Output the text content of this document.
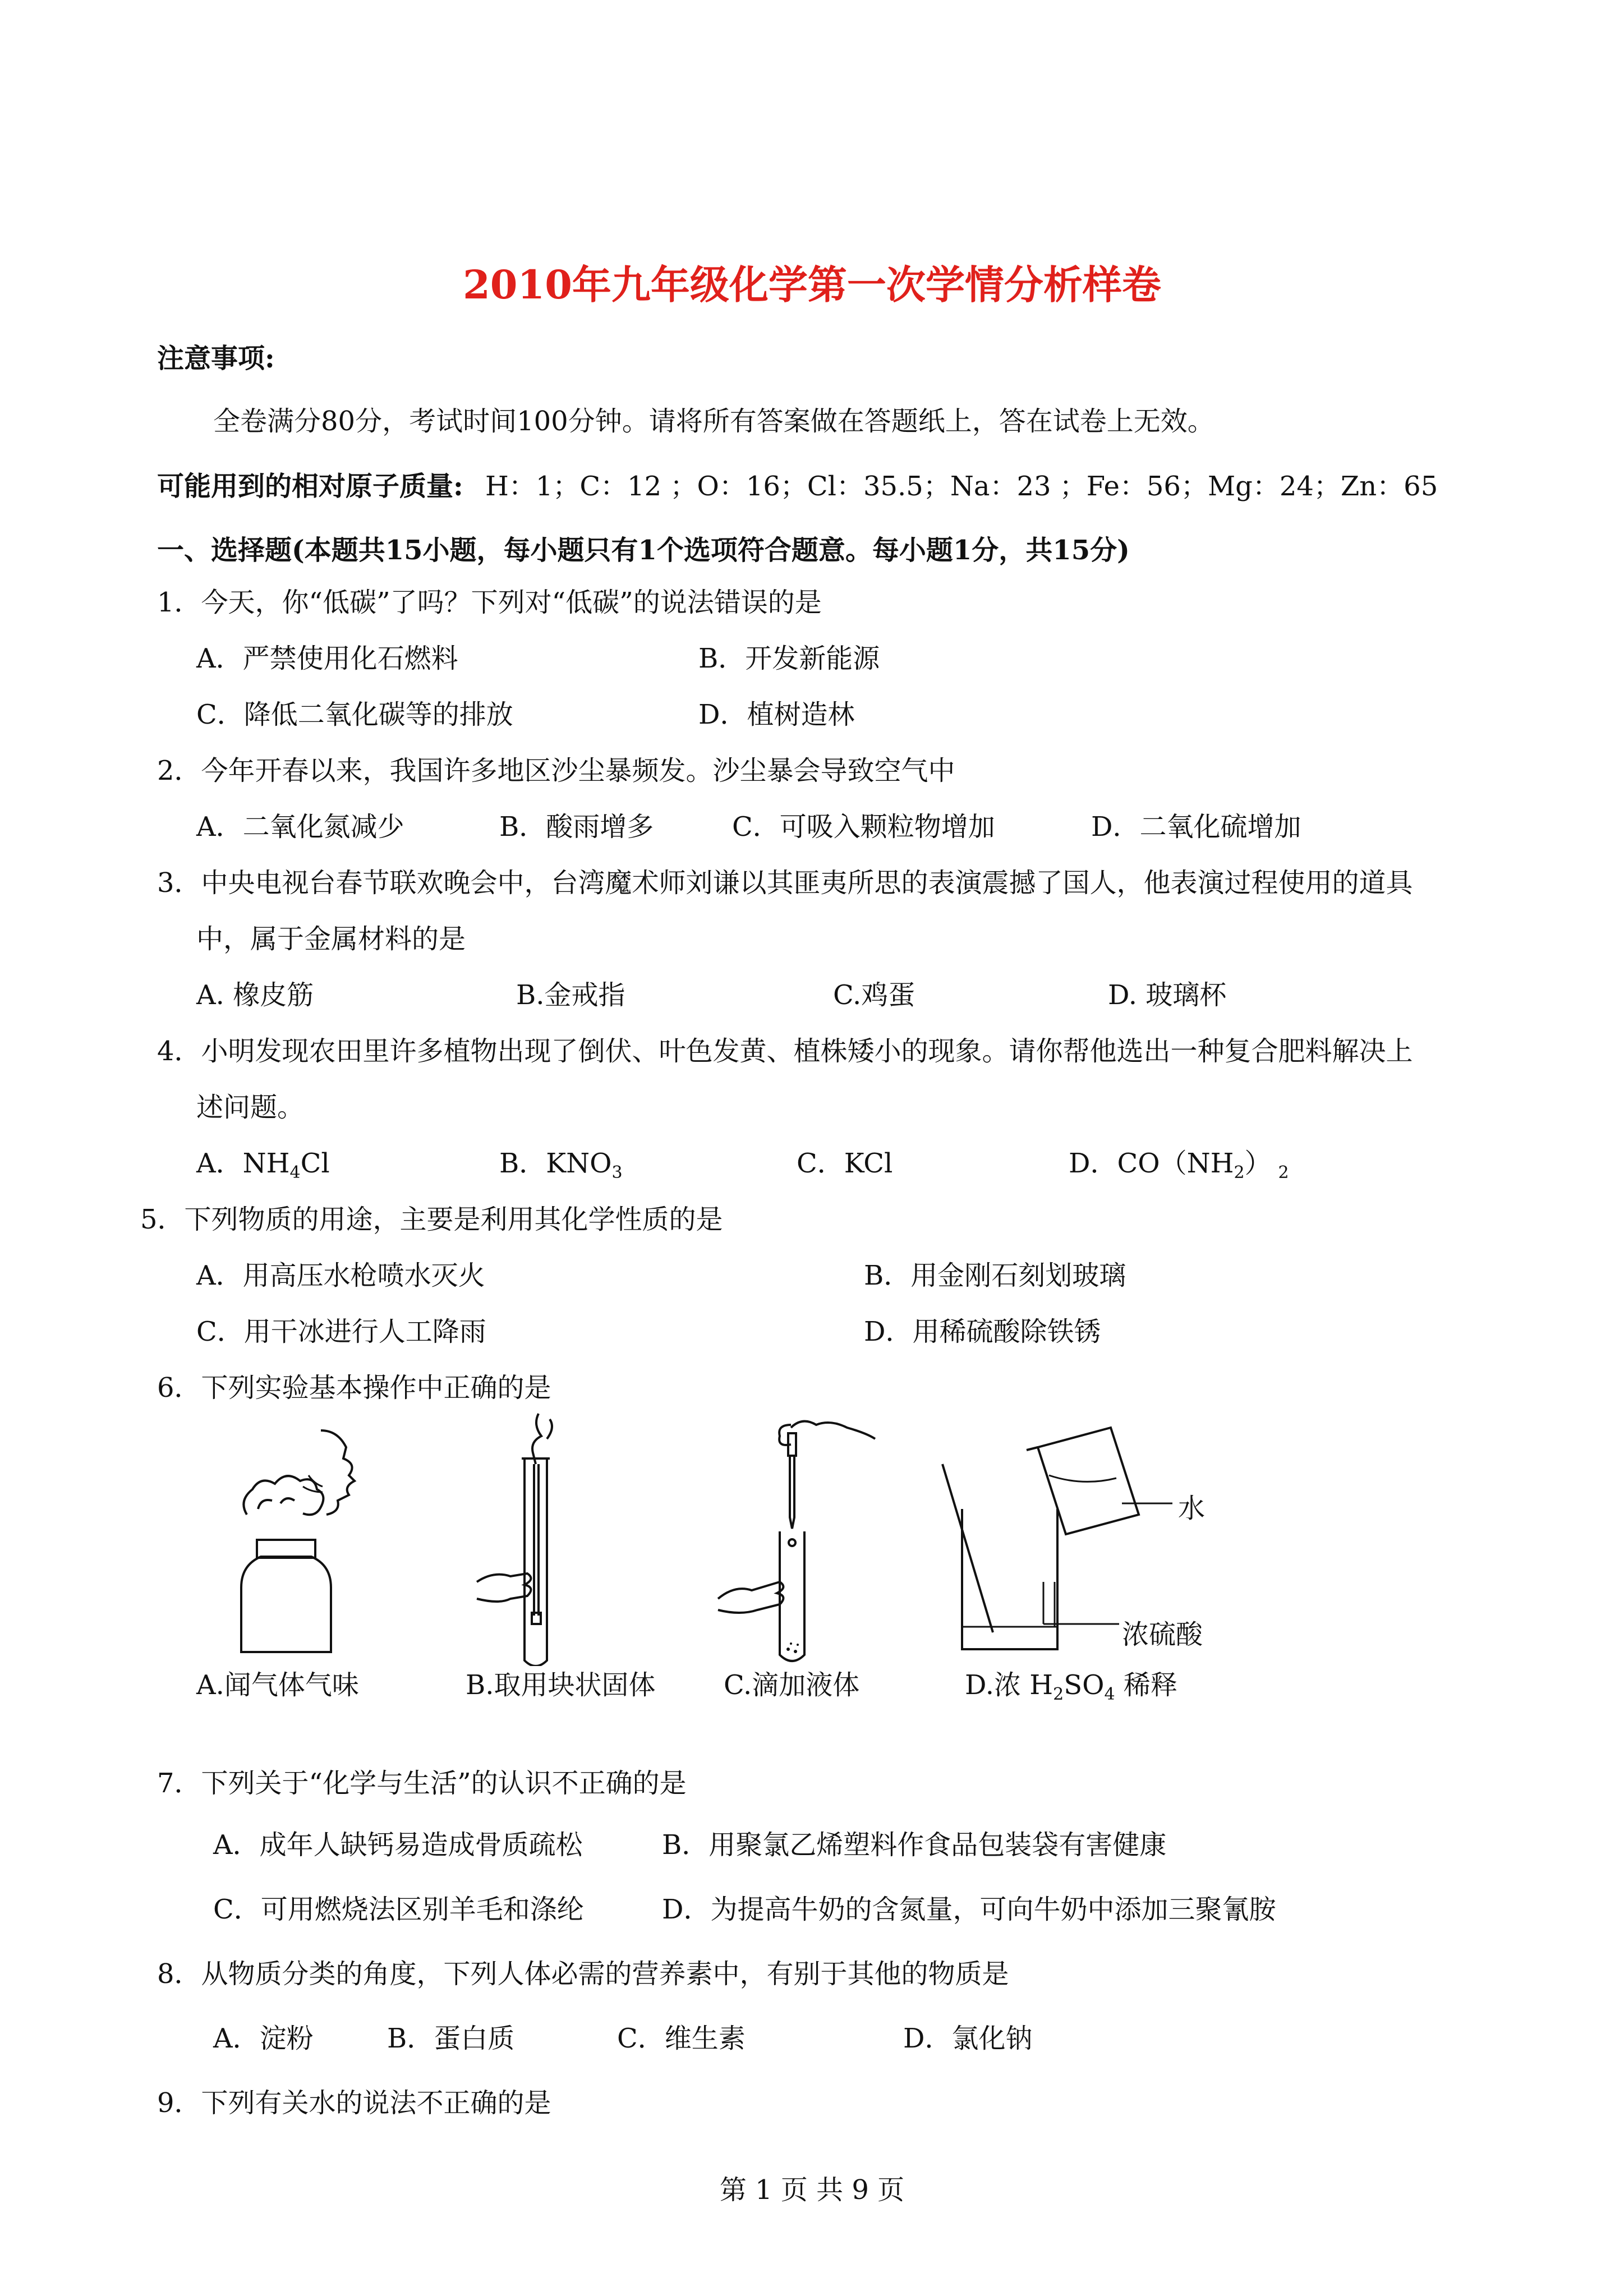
2010年九年级化学第一次学情分析样卷
注意事项:
全卷满分80分，考试时间100分钟。请将所有答案做在答题纸上，答在试卷上无效。
可能用到的相对原子质量: H：1；C：12 ；O：16；Cl：35.5；Na：23 ；Fe：56；Mg：24；Zn：65
一、选择题(本题共15小题，每小题只有1个选项符合题意。每小题1分，共15分)
1．今天，你“低碳”了吗？下列对“低碳”的说法错误的是
A．严禁使用化石燃料	B．开发新能源
C．降低二氧化碳等的排放	D．植树造林
2．今年开春以来，我国许多地区沙尘暴频发。沙尘暴会导致空气中
A．二氧化氮减少	B．酸雨增多	C．可吸入颗粒物增加	D．二氧化硫增加
3．中央电视台春节联欢晚会中，台湾魔术师刘谦以其匪夷所思的表演震撼了国人，他表演过程使用的道具
中，属于金属材料的是
A. 橡皮筋	B.金戒指	C.鸡蛋	D. 玻璃杯
4．小明发现农田里许多植物出现了倒伏、叶色发黄、植株矮小的现象。请你帮他选出一种复合肥料解决上
述问题。
A．$NH_4Cl$	B．$KNO_3$	C．KCl	D．$CO(NH_2)$ $_2$
5．下列物质的用途，主要是利用其化学性质的是
A．用高压水枪喷水灭火	B．用金刚石刻划玻璃
C．用干冰进行人工降雨	D．用稀硫酸除铁锈
6．下列实验基本操作中正确的是
水
浓硫酸
A.闻气体气味	B.取用块状固体	C.滴加液体	D.浓 $H_2SO_4$ 稀释
7．下列关于“化学与生活”的认识不正确的是
A．成年人缺钙易造成骨质疏松	B．用聚氯乙烯塑料作食品包装袋有害健康
C．可用燃烧法区别羊毛和涤纶	D．为提高牛奶的含氮量，可向牛奶中添加三聚氰胺
8．从物质分类的角度，下列人体必需的营养素中，有别于其他的物质是
A．淀粉	B．蛋白质	C．维生素	D．氯化钠
9．下列有关水的说法不正确的是
第 1 页 共 9 页
